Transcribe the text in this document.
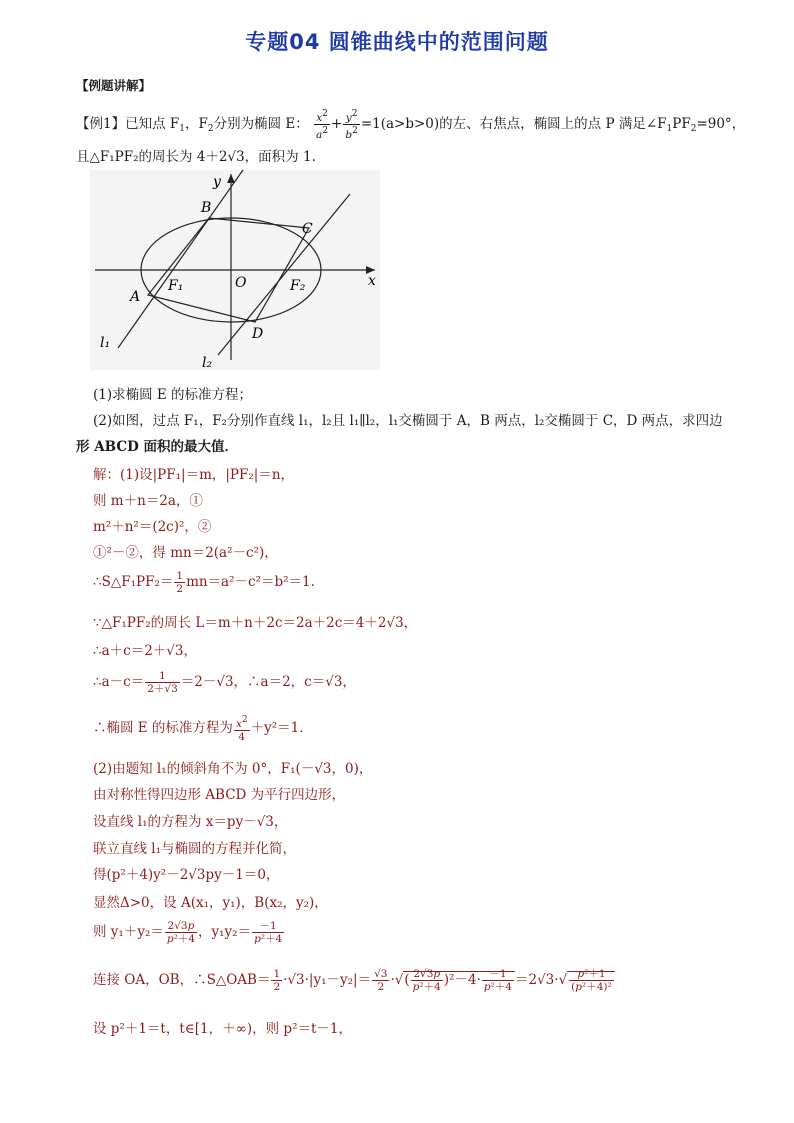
专题04 圆锥曲线中的范围问题
【例题讲解】
【例1】已知点 $F_1$，$F_2$分别为椭圆 E： $\frac{x2}{a2} + \frac{y2}{b2} =1(a>b>0)$的左、右焦点，椭圆上的点 P 满足$\angle F_1PF_2=90^\circ$，
且△F₁PF₂的周长为 4＋2√3，面积为 1.
y
x
O
B
C
A
D
F₁	F₂
l₁
l₂
(1)求椭圆 E 的标准方程；
(2)如图，过点 F₁，F₂分别作直线 l₁，l₂且 l₁∥l₂，l₁交椭圆于 A，B 两点，l₂交椭圆于 C，D 两点，求四边
形 ABCD 面积的最大值．
解：(1)设|PF₁|＝m，|PF₂|＝n，
则 m＋n＝2a，①
m²＋n²＝(2c)²，②
①²－②，得 mn＝2(a²－c²)，
∴S△F₁PF₂＝ $\frac{1}{2} mn=a^2-c^2=b^2=1$.
∵△F₁PF₂的周长 L＝m＋n＋2c＝2a＋2c＝4＋2√3，
∴a＋c＝2＋√3，
∴a－c＝ $\frac{1}{2+√3} =2-√3$，∴a＝2，c＝√3，
∴椭圆 E 的标准方程为 $\frac{x2}{4} +y^2=1$.
(2)由题知 l₁的倾斜角不为 0°，F₁(－√3，0)，
由对称性得四边形 ABCD 为平行四边形，
设直线 l₁的方程为 x＝py－√3，
联立直线 l₁与椭圆的方程并化简，
得(p²＋4)y²－2√3py－1＝0，
显然Δ>0，设 A(x₁，y₁)，B(x₂，y₂)，
则 $y_1+y_2= \frac{2√3p}{\text{p²＋4}}$ ，$y_1y_2= \frac{-1}{\text{p²＋4}}$
连接 OA，OB，∴S△OAB＝ $\frac{1}{2} \cdot√3\cdot|y_1-y_2|= \frac{√3}{2}$ ·√( $\frac{2√3p}{\text{p²＋4}} )^2-4\cdot \frac{-1}{\text{p²＋4}} =2√3\cdot√ \frac{\text{p²＋1}}{\text{(p²＋4)²}}$
设 p²＋1＝t，t∈[1，＋∞)，则 p²＝t－1，
